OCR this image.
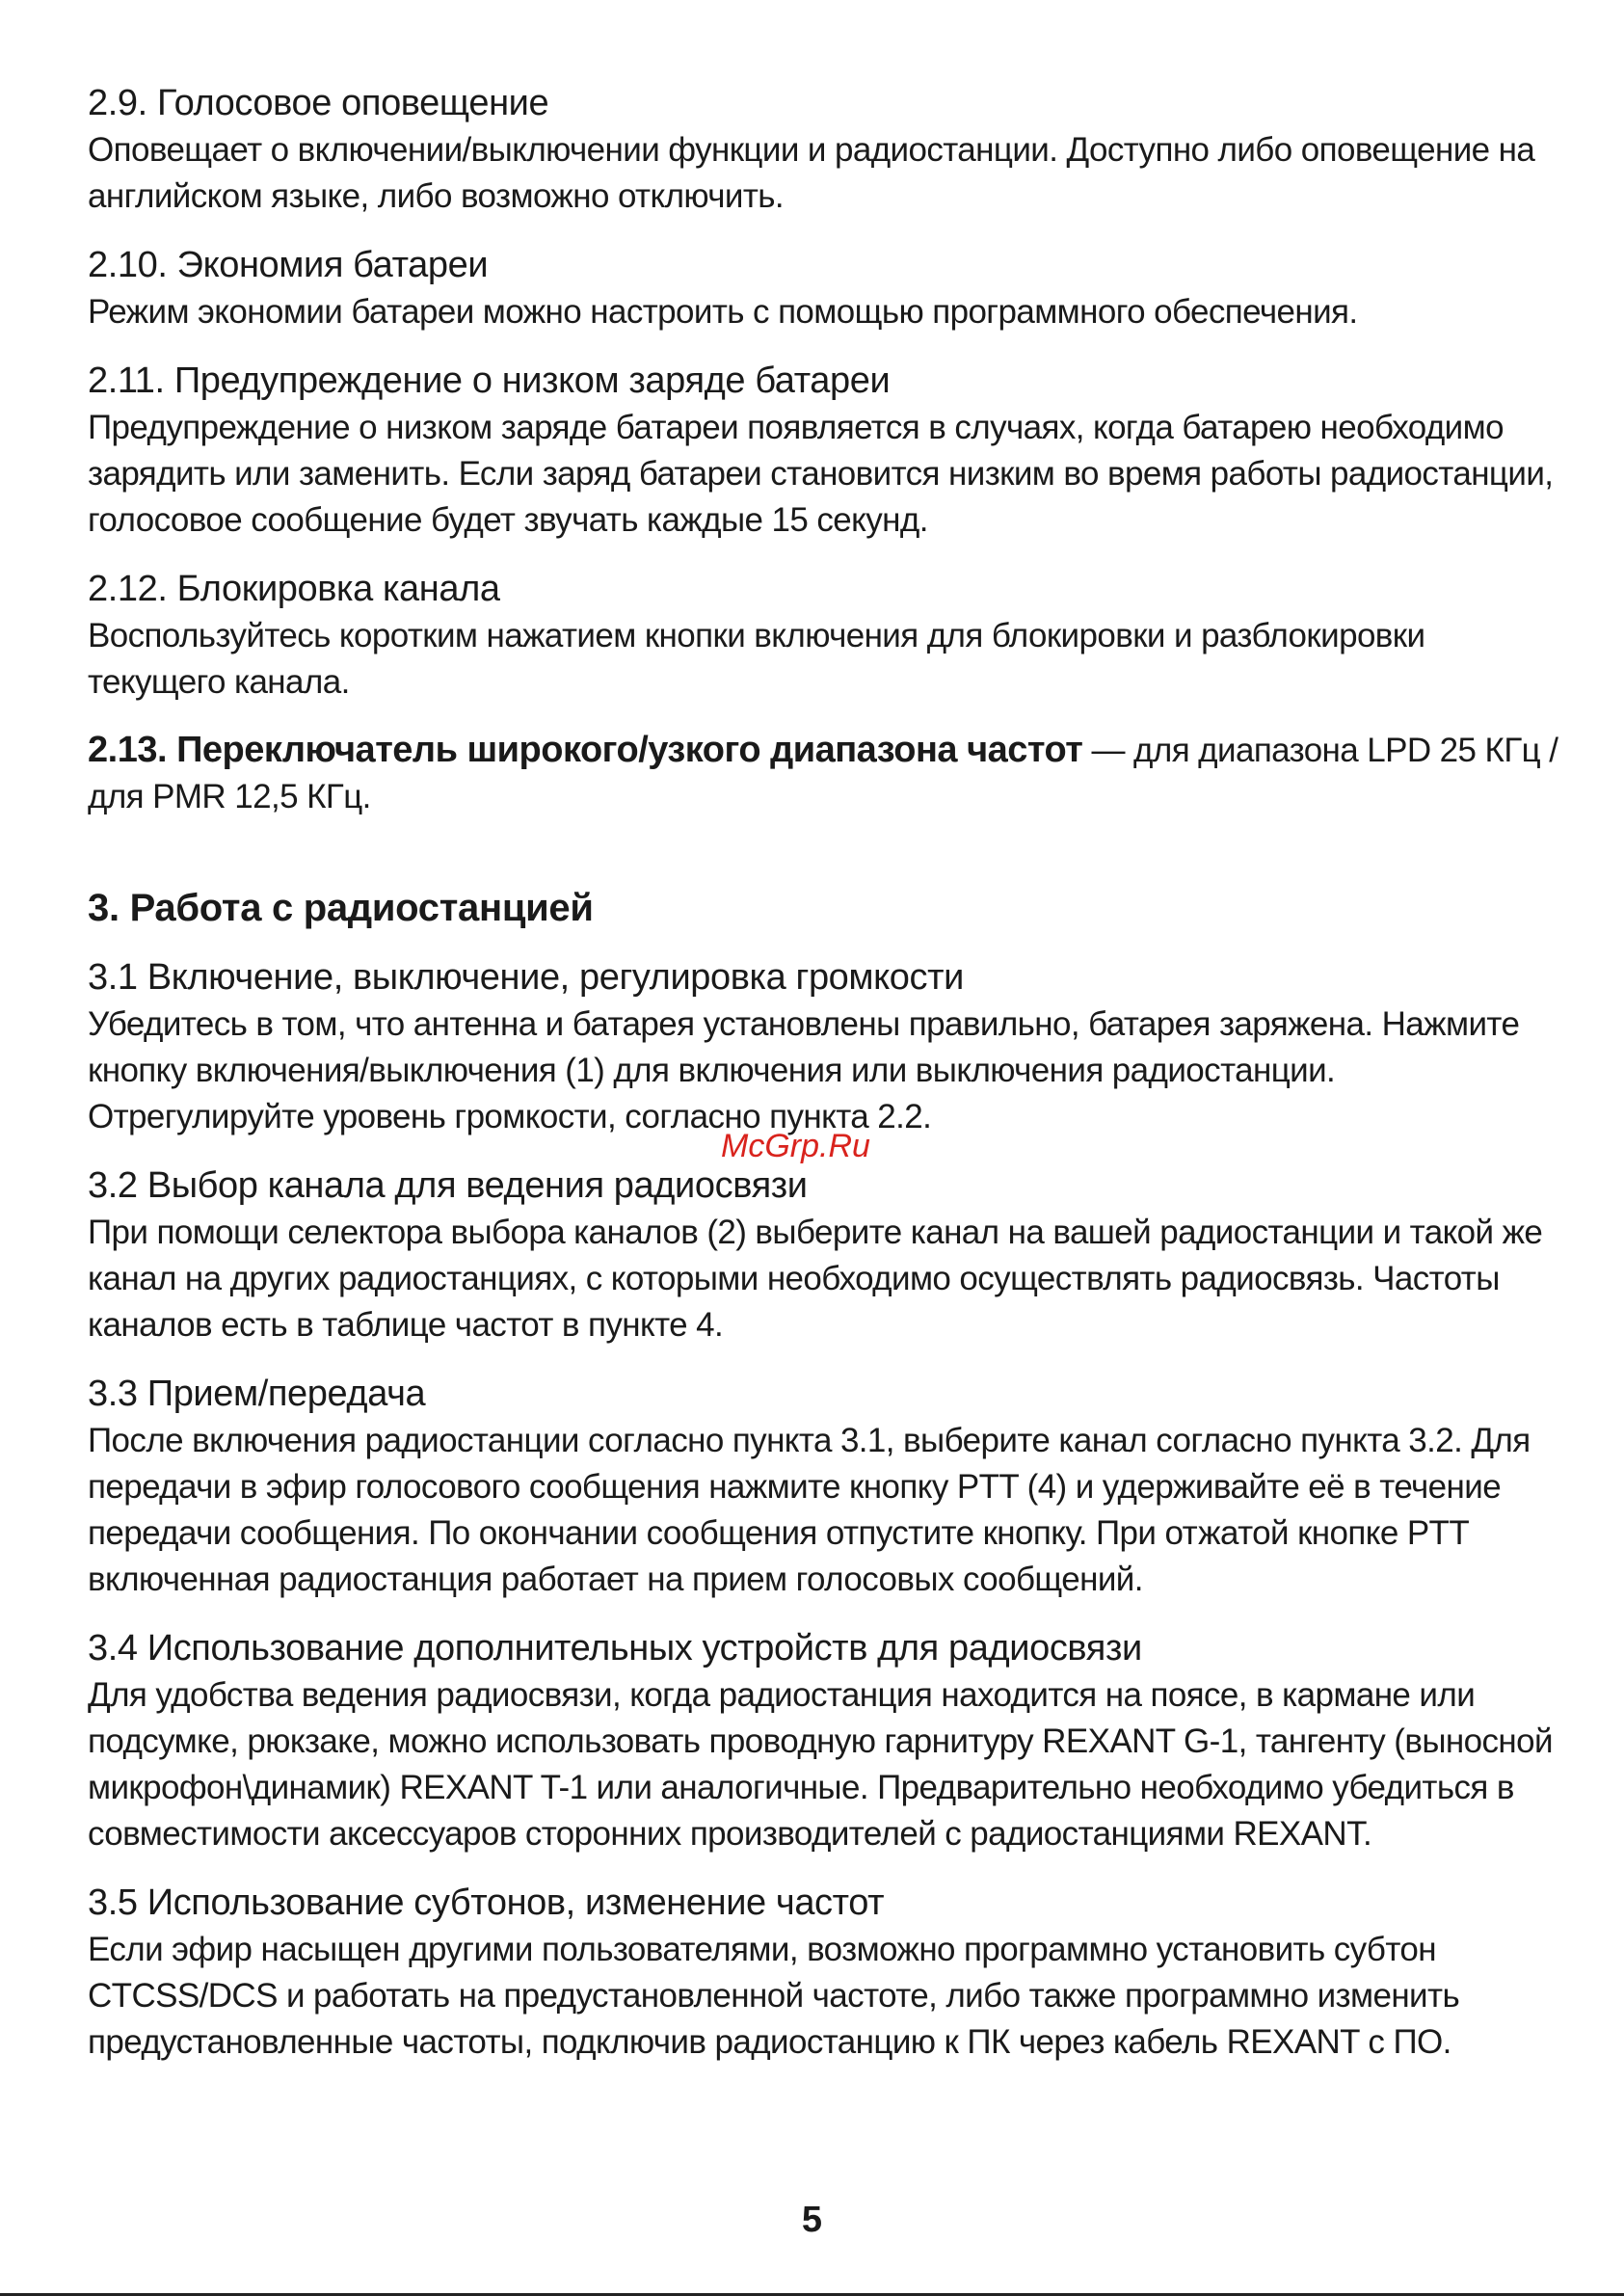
2.9. Голосовое оповещение

Оповещает о включении/выключении функции и радиостанции. Доступно либо оповещение на английском языке, либо возможно отключить.

2.10. Экономия батареи

Режим экономии батареи можно настроить с помощью программного обеспечения.

2.11. Предупреждение о низком заряде батареи

Предупреждение о низком заряде батареи появляется в случаях, когда батарею необходимо зарядить или заменить. Если заряд батареи становится низким во время работы радиостанции, голосовое сообщение будет звучать каждые 15 секунд.

2.12. Блокировка канала

Воспользуйтесь коротким нажатием кнопки включения для блокировки и разблокировки текущего канала.

2.13. Переключатель широкого/узкого диапазона частот — для диапазона LPD 25 КГц / для PMR 12,5 КГц.

3. Работа с радиостанцией
3.1 Включение, выключение, регулировка громкости

Убедитесь в том, что антенна и батарея установлены правильно, батарея заряжена. Нажмите кнопку включения/выключения (1) для включения или выключения радиостанции. Отрегулируйте уровень громкости, согласно пункта 2.2.

3.2 Выбор канала для ведения радиосвязи

При помощи селектора выбора каналов (2) выберите канал на вашей радиостанции и такой же канал на других радиостанциях, с которыми необходимо осуществлять радиосвязь. Частоты каналов есть в таблице частот в пункте 4.

3.3 Прием/передача

После включения радиостанции согласно пункта 3.1, выберите канал согласно пункта 3.2. Для передачи в эфир голосового сообщения нажмите кнопку PTT (4) и удерживайте её в течение передачи сообщения. По окончании сообщения отпустите кнопку. При отжатой кнопке PTT включенная радиостанция работает на прием голосовых сообщений.

3.4 Использование дополнительных устройств для радиосвязи

Для удобства ведения радиосвязи, когда радиостанция находится на поясе, в кармане или подсумке, рюкзаке, можно использовать проводную гарнитуру REXANT G-1, тангенту (выносной микрофон\динамик) REXANT T-1 или аналогичные. Предварительно необходимо убедиться в совместимости аксессуаров сторонних производителей с радиостанциями REXANT.

3.5 Использование субтонов, изменение частот

Если эфир насыщен другими пользователями, возможно программно установить субтон CTCSS/DCS и работать на предустановленной частоте, либо также программно изменить предустановленные частоты, подключив радиостанцию к ПК через кабель REXANT с ПО.

McGrp.Ru
5
